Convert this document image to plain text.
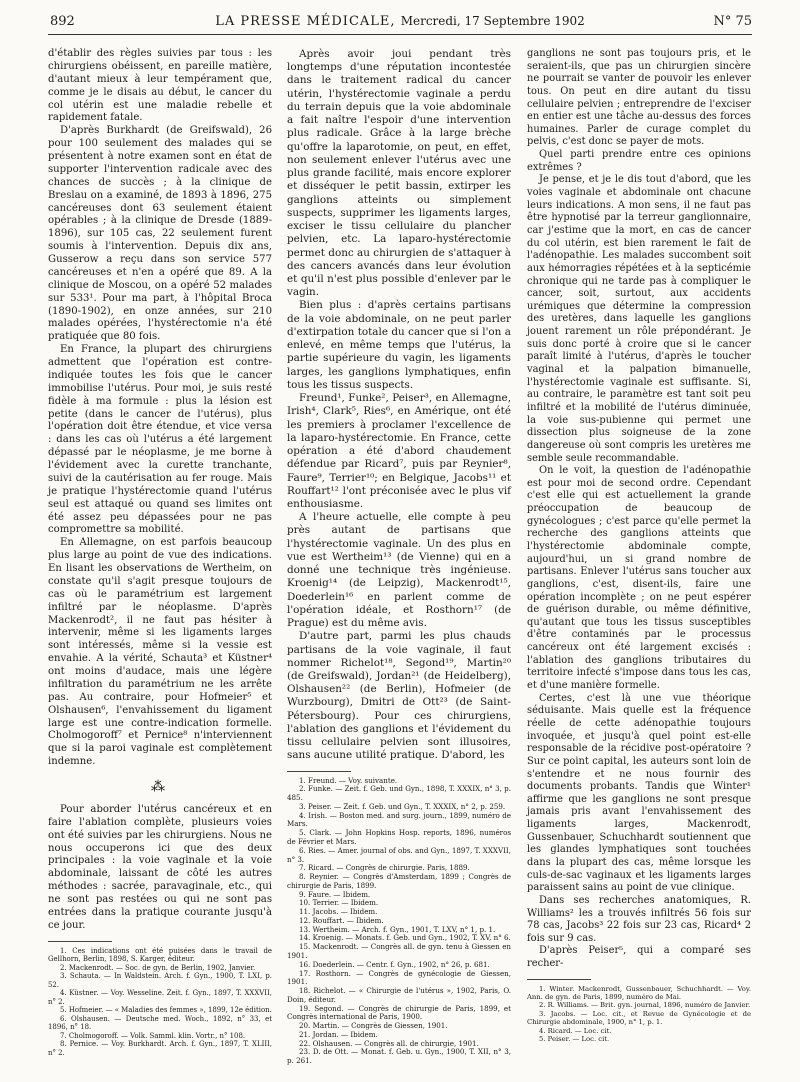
892	LA PRESSE MÉDICALE, Mercredi, 17 Septembre 1902	N° 75

d'établir des règles suivies par tous : les chirurgiens obéissent, en pareille matière, d'autant mieux à leur tempérament que, comme je le disais au début, le cancer du col utérin est une maladie rebelle et rapidement fatale.

D'après Burkhardt (de Greifswald), 26 pour 100 seulement des malades qui se présentent à notre examen sont en état de supporter l'intervention radicale avec des chances de succès ; à la clinique de Breslau on a examiné, de 1893 à 1896, 275 cancéreuses dont 63 seulement étaient opérables ; à la clinique de Dresde (1889-1896), sur 105 cas, 22 seulement furent soumis à l'intervention. Depuis dix ans, Gusserow a reçu dans son service 577 cancéreuses et n'en a opéré que 89. A la clinique de Moscou, on a opéré 52 malades sur 533¹. Pour ma part, à l'hôpital Broca (1890-1902), en onze années, sur 210 malades opérées, l'hystérectomie n'a été pratiquée que 80 fois.

En France, la plupart des chirurgiens admettent que l'opération est contre-indiquée toutes les fois que le cancer immobilise l'utérus. Pour moi, je suis resté fidèle à ma formule : plus la lésion est petite (dans le cancer de l'utérus), plus l'opération doit être étendue, et vice versa : dans les cas où l'utérus a été largement dépassé par le néoplasme, je me borne à l'évidement avec la curette tranchante, suivi de la cautérisation au fer rouge. Mais je pratique l'hystérectomie quand l'utérus seul est attaqué ou quand ses limites ont été assez peu dépassées pour ne pas compromettre sa mobilité.

En Allemagne, on est parfois beaucoup plus large au point de vue des indications. En lisant les observations de Wertheim, on constate qu'il s'agit presque toujours de cas où le paramétrium est largement infiltré par le néoplasme. D'après Mackenrodt², il ne faut pas hésiter à intervenir, même si les ligaments larges sont intéressés, même si la vessie est envahie. A la vérité, Schauta³ et Küstner⁴ ont moins d'audace, mais une légère infiltration du paramétrium ne les arrête pas. Au contraire, pour Hofmeier⁵ et Olshausen⁶, l'envahissement du ligament large est une contre-indication formelle. Cholmogoroff⁷ et Pernice⁸ n'interviennent que si la paroi vaginale est complètement indemne.

⁂

Pour aborder l'utérus cancéreux et en faire l'ablation complète, plusieurs voies ont été suivies par les chirurgiens. Nous ne nous occuperons ici que des deux principales : la voie vaginale et la voie abdominale, laissant de côté les autres méthodes : sacrée, paravaginale, etc., qui ne sont pas restées ou qui ne sont pas entrées dans la pratique courante jusqu'à ce jour.

1. Ces indications ont été puisées dans le travail de Gellhorn, Berlin, 1898, S. Karger, éditeur.

2. Mackenrodt. — Soc. de gyn. de Berlin, 1902, Janvier.

3. Schauta. — In Waldstein. Arch. f. Gyn., 1900, T. LXI, p. 52.

4. Küstner. — Voy. Wesseline. Zeit. f. Gyn., 1897, T. XXXVII, n° 2.

5. Hofmeier. — « Maladies des femmes », 1899, 12e édition.

6. Olshausen. — Deutsche med. Woch., 1892, n° 33, et 1896, n° 18.

7. Cholmogoroff. — Volk. Samml. klin. Vortr., n° 108.

8. Pernice. — Voy. Burkhardt. Arch. f. Gyn., 1897, T. XLIII, n° 2.

Après avoir joui pendant très longtemps d'une réputation incontestée dans le traitement radical du cancer utérin, l'hystérectomie vaginale a perdu du terrain depuis que la voie abdominale a fait naître l'espoir d'une intervention plus radicale. Grâce à la large brèche qu'offre la laparotomie, on peut, en effet, non seulement enlever l'utérus avec une plus grande facilité, mais encore explorer et disséquer le petit bassin, extirper les ganglions atteints ou simplement suspects, supprimer les ligaments larges, exciser le tissu cellulaire du plancher pelvien, etc. La laparo-hystérectomie permet donc au chirurgien de s'attaquer à des cancers avancés dans leur évolution et qu'il n'est plus possible d'enlever par le vagin.

Bien plus : d'après certains partisans de la voie abdominale, on ne peut parler d'extirpation totale du cancer que si l'on a enlevé, en même temps que l'utérus, la partie supérieure du vagin, les ligaments larges, les ganglions lymphatiques, enfin tous les tissus suspects.

Freund¹, Funke², Peiser³, en Allemagne, Irish⁴, Clark⁵, Ries⁶, en Amérique, ont été les premiers à proclamer l'excellence de la laparo-hystérectomie. En France, cette opération a été d'abord chaudement défendue par Ricard⁷, puis par Reynier⁸, Faure⁹, Terrier¹⁰; en Belgique, Jacobs¹¹ et Rouffart¹² l'ont préconisée avec le plus vif enthousiasme.

A l'heure actuelle, elle compte à peu près autant de partisans que l'hystérectomie vaginale. Un des plus en vue est Wertheim¹³ (de Vienne) qui en a donné une technique très ingénieuse. Kroenig¹⁴ (de Leipzig), Mackenrodt¹⁵, Doederlein¹⁶ en parlent comme de l'opération idéale, et Rosthorn¹⁷ (de Prague) est du même avis.

D'autre part, parmi les plus chauds partisans de la voie vaginale, il faut nommer Richelot¹⁸, Segond¹⁹, Martin²⁰ (de Greifswald), Jordan²¹ (de Heidelberg), Olshausen²² (de Berlin), Hofmeier (de Wurzbourg), Dmitri de Ott²³ (de Saint-Pétersbourg). Pour ces chirurgiens, l'ablation des ganglions et l'évidement du tissu cellulaire pelvien sont illusoires, sans aucune utilité pratique. D'abord, les

1. Freund. — Voy. suivante.

2. Funke. — Zeit. f. Geb. und Gyn., 1898, T. XXXIX, n° 3, p. 485.

3. Peiser. — Zeit. f. Geb. und Gyn., T. XXXIX, n° 2, p. 259.

4. Irish. — Boston med. and surg. journ., 1899, numéro de Mars.

5. Clark. — John Hopkins Hosp. reports, 1896, numéros de Février et Mars.

6. Ries. — Amer. journal of obs. and Gyn., 1897, T. XXXVII, n° 3.

7. Ricard. — Congrès de chirurgie. Paris, 1889.

8. Reynier. — Congrès d'Amsterdam, 1899 ; Congrès de chirurgie de Paris, 1899.

9. Faure. — Ibidem.

10. Terrier. — Ibidem.

11. Jacobs. — Ibidem.

12. Rouffart. — Ibidem.

13. Wertheim. — Arch. f. Gyn., 1901, T. LXV, n° 1, p. 1.

14. Kroenig. — Monats. f. Geb. und Gyn., 1902, T. XV, n° 6.

15. Mackenrodt. — Congrès all. de gyn. tenu à Giessen en 1901.

16. Doederlein. — Centr. f. Gyn., 1902, n° 26, p. 681.

17. Rosthorn. — Congrès de gynécologie de Giessen, 1901.

18. Richelot. — « Chirurgie de l'utérus », 1902, Paris, O. Doin, éditeur.

19. Segond. — Congrès de chirurgie de Paris, 1899, et Congrès international de Paris, 1900.

20. Martin. — Congrès de Giessen, 1901.

21. Jordan. — Ibidem.

22. Olshausen. — Congrès all. de chirurgie, 1901.

23. D. de Ott. — Monat. f. Geb. u. Gyn., 1900, T. XII, n° 3, p. 261.

ganglions ne sont pas toujours pris, et le seraient-ils, que pas un chirurgien sincère ne pourrait se vanter de pouvoir les enlever tous. On peut en dire autant du tissu cellulaire pelvien ; entreprendre de l'exciser en entier est une tâche au-dessus des forces humaines. Parler de curage complet du pelvis, c'est donc se payer de mots.

Quel parti prendre entre ces opinions extrêmes ?

Je pense, et je le dis tout d'abord, que les voies vaginale et abdominale ont chacune leurs indications. A mon sens, il ne faut pas être hypnotisé par la terreur ganglionnaire, car j'estime que la mort, en cas de cancer du col utérin, est bien rarement le fait de l'adénopathie. Les malades succombent soit aux hémorragies répétées et à la septicémie chronique qui ne tarde pas à compliquer le cancer, soit, surtout, aux accidents urémiques que détermine la compression des uretères, dans laquelle les ganglions jouent rarement un rôle prépondérant. Je suis donc porté à croire que si le cancer paraît limité à l'utérus, d'après le toucher vaginal et la palpation bimanuelle, l'hystérectomie vaginale est suffisante. Si, au contraire, le paramètre est tant soit peu infiltré et la mobilité de l'utérus diminuée, la voie sus-pubienne qui permet une dissection plus soigneuse de la zone dangereuse où sont compris les uretères me semble seule recommandable.

On le voit, la question de l'adénopathie est pour moi de second ordre. Cependant c'est elle qui est actuellement la grande préoccupation de beaucoup de gynécologues ; c'est parce qu'elle permet la recherche des ganglions atteints que l'hystérectomie abdominale compte, aujourd'hui, un si grand nombre de partisans. Enlever l'utérus sans toucher aux ganglions, c'est, disent-ils, faire une opération incomplète ; on ne peut espérer de guérison durable, ou même définitive, qu'autant que tous les tissus susceptibles d'être contaminés par le processus cancéreux ont été largement excisés : l'ablation des ganglions tributaires du territoire infecté s'impose dans tous les cas, et d'une manière formelle.

Certes, c'est là une vue théorique séduisante. Mais quelle est la fréquence réelle de cette adénopathie toujours invoquée, et jusqu'à quel point est-elle responsable de la récidive post-opératoire ? Sur ce point capital, les auteurs sont loin de s'entendre et ne nous fournir des documents probants. Tandis que Winter¹ affirme que les ganglions ne sont presque jamais pris avant l'envahissement des ligaments larges, Mackenrodt, Gussenbauer, Schuchhardt soutiennent que les glandes lymphatiques sont touchées dans la plupart des cas, même lorsque les culs-de-sac vaginaux et les ligaments larges paraissent sains au point de vue clinique.

Dans ses recherches anatomiques, R. Williams² les a trouvés infiltrés 56 fois sur 78 cas, Jacobs³ 22 fois sur 23 cas, Ricard⁴ 2 fois sur 9 cas.

D'après Peiser⁵, qui a comparé ses recher-

1. Winter. Mackenrodt, Gussenbauer, Schuchhardt. — Voy. Ann. de gyn. de Paris, 1899, numéro de Mai.

2. R. Williams. — Brit. gyn. journal, 1896, numéro de Janvier.

3. Jacobs. — Loc. cit., et Revue de Gynécologie et de Chirurgie abdominale, 1900, n° 1, p. 1.

4. Ricard. — Loc. cit.

5. Peiser. — Loc. cit.
